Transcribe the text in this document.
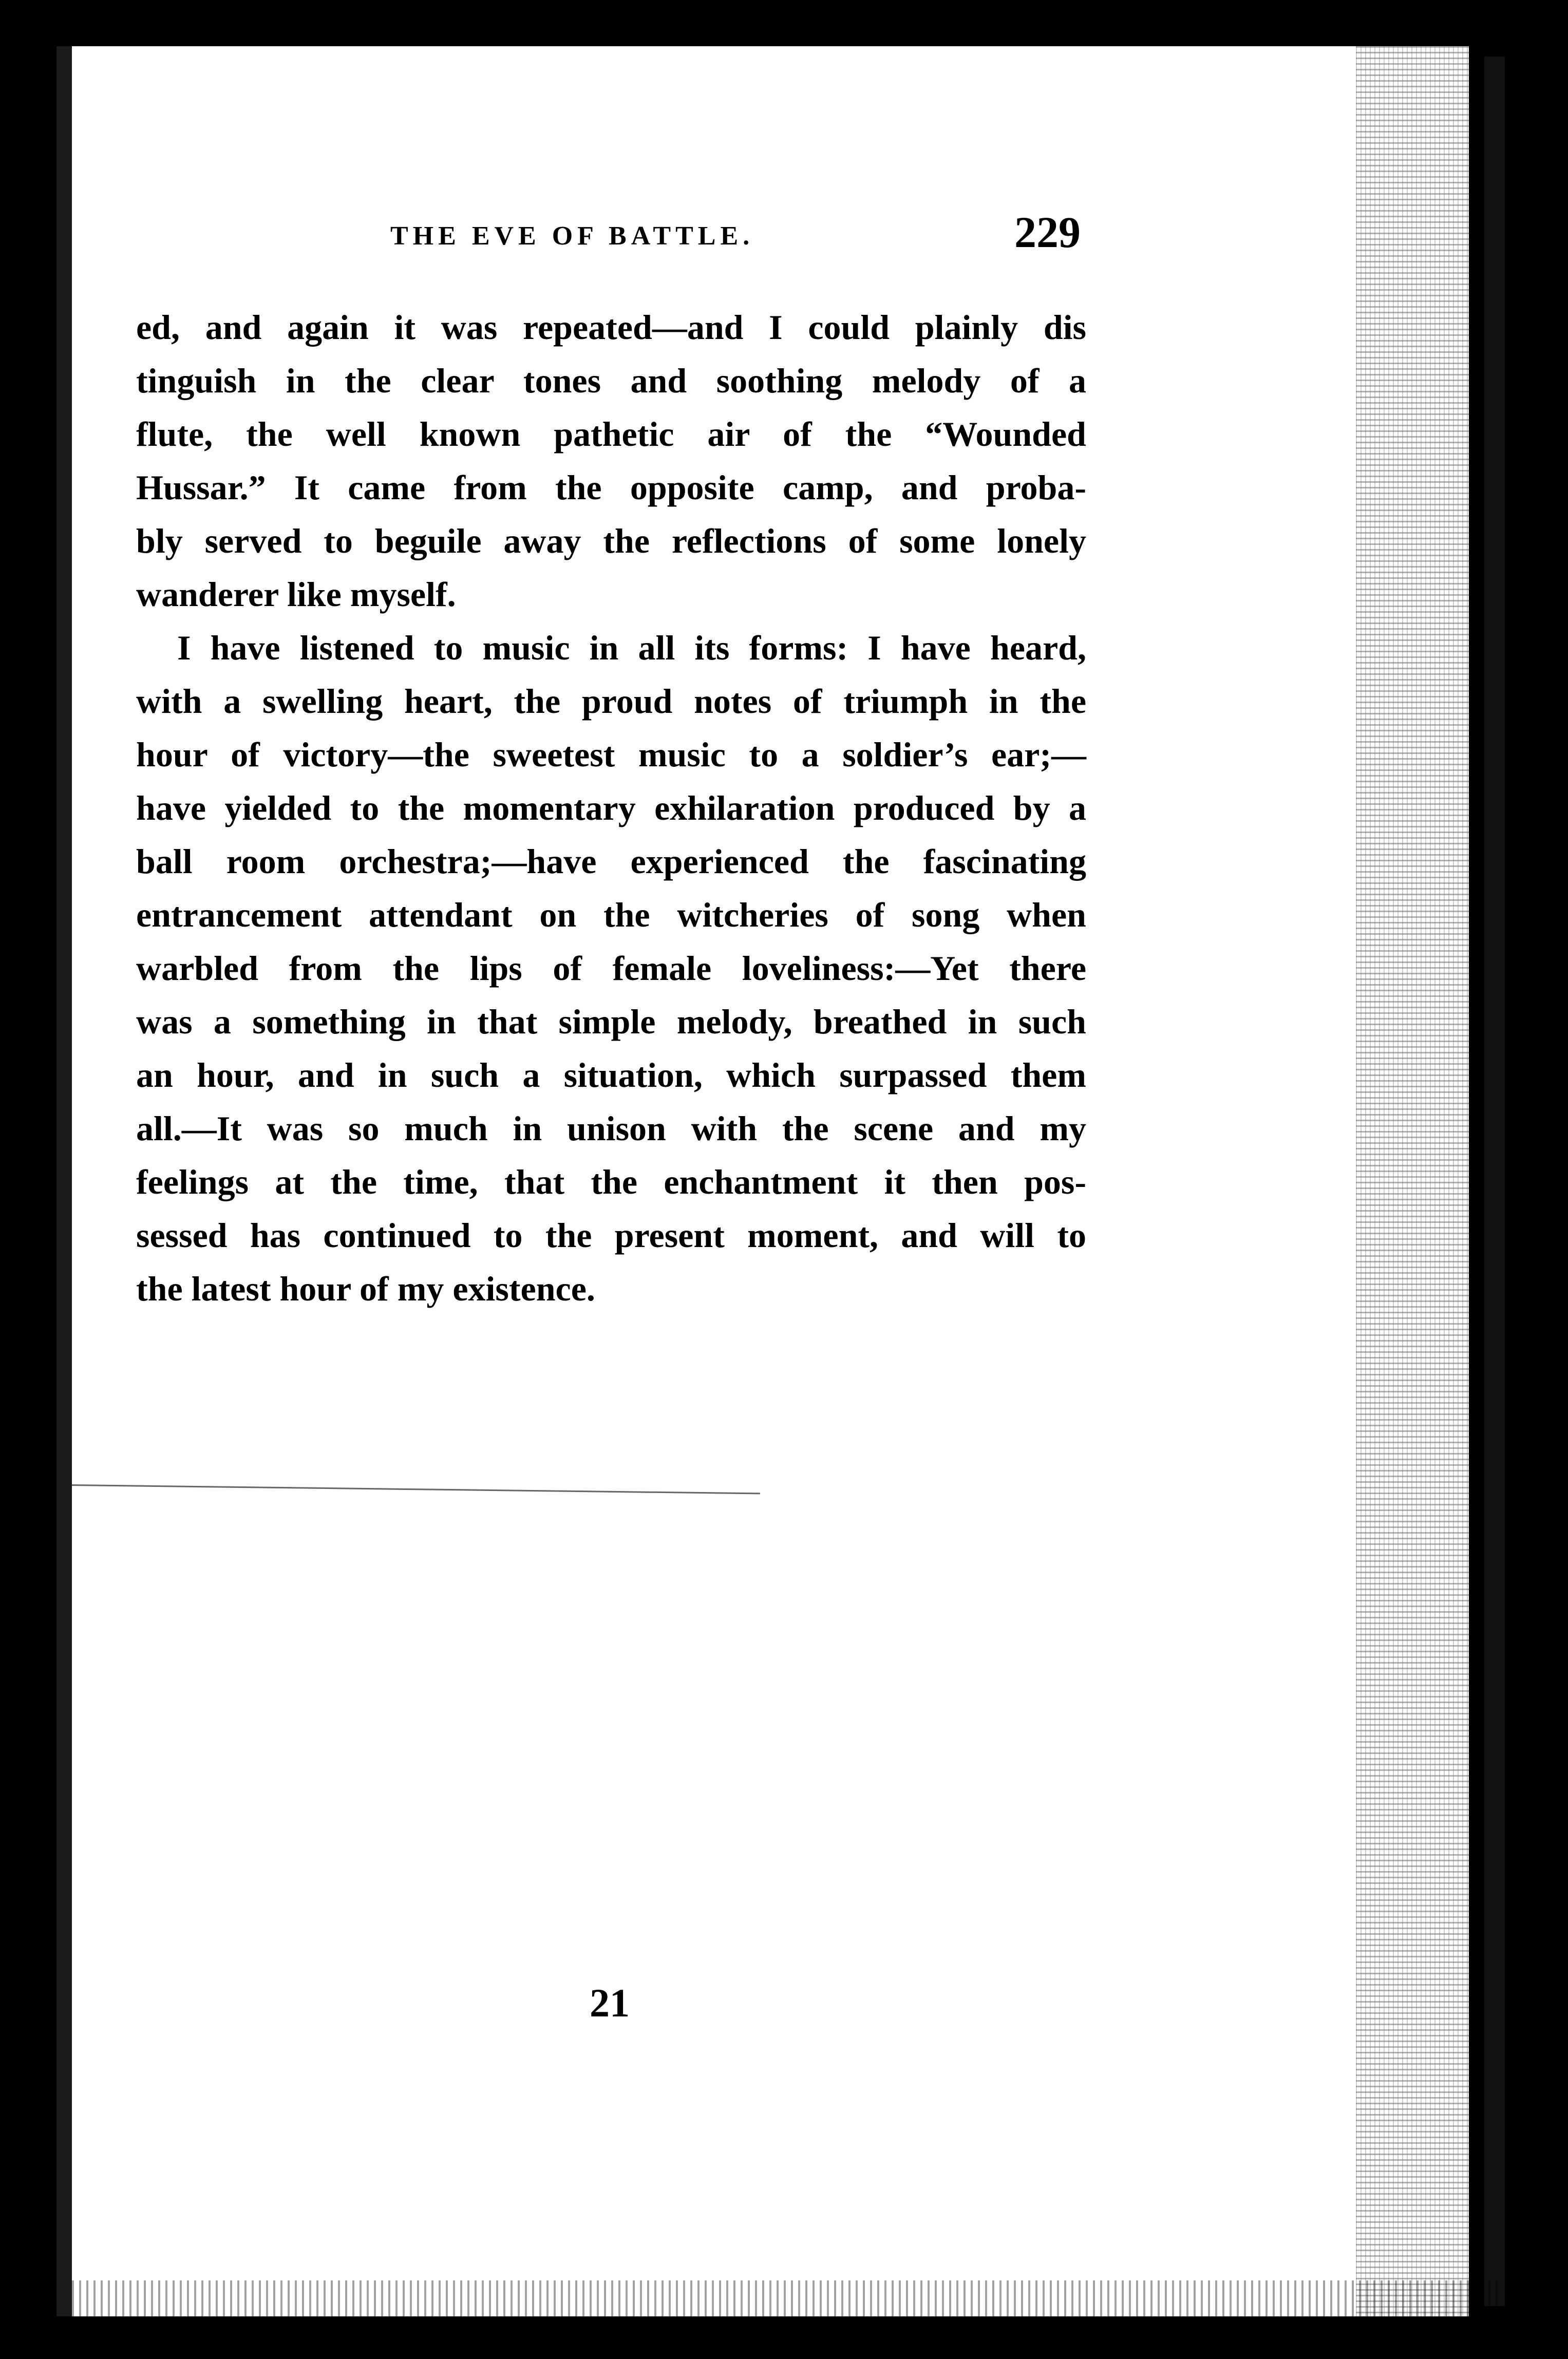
THE EVE OF BATTLE.	229
ed, and again it was repeated—and I could plainly dis
tinguish in the clear tones and soothing melody of a
flute, the well known pathetic air of the “Wounded
Hussar.” It came from the opposite camp, and proba-
bly served to beguile away the reflections of some lonely
wanderer like myself.
I have listened to music in all its forms: I have heard,
with a swelling heart, the proud notes of triumph in the
hour of victory—the sweetest music to a soldier’s ear;—
have yielded to the momentary exhilaration produced by a
ball room orchestra;—have experienced the fascinating
entrancement attendant on the witcheries of song when
warbled from the lips of female loveliness:—Yet there
was a something in that simple melody, breathed in such
an hour, and in such a situation, which surpassed them
all.—It was so much in unison with the scene and my
feelings at the time, that the enchantment it then pos-
sessed has continued to the present moment, and will to
the latest hour of my existence.
21
